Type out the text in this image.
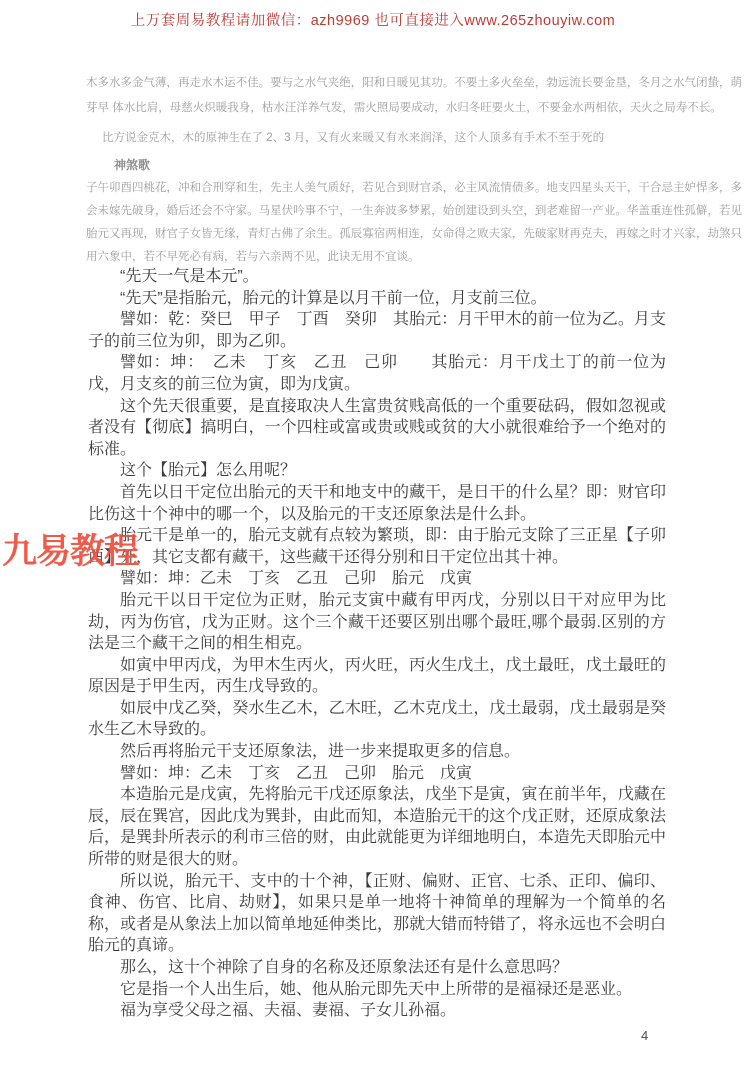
上万套周易教程请加微信：azh9969 也可直接进入www.265zhouyiw.com
木多水多金气薄，再走水木运不佳。要与之水气夹绝，阳和日暖见其功。不要土多火垒垒，勃远流长要金垦，冬月之水气闭蛰，萌芽早 体水比肩，母慈火炽暖我身，枯水汪洋养气发，需火照局要成动，水归冬旺要火土，不要金水两相依，天火之局寿不长。
比方说金克木，木的原神生在了 2、3 月，又有火来暖又有水来润泽，这个人顶多有手术不至于死的
神煞歌
子午卯酉四桃花，冲和合刑穿和生，先主人美气质好，若见合到财官杀，必主风流情债多。地支四星头天干，干合忌主妒悍多，多会未嫁先破身，婚后还会不守家。马星伏吟事不宁，一生奔波多梦累，始创建设到头空，到老难留一产业。华盖重连性孤僻，若见胎元又再现，财官子女皆无缘，青灯古佛了余生。孤辰寡宿两相连，女命得之败夫家，先破家财再克夫，再嫁之时才兴家，劫煞只用六象中，若不早死必有病，若与六亲两不见，此诀无用不宜谈。

“先天一气是本元”。

“先天”是指胎元，胎元的计算是以月干前一位，月支前三位。

譬如：乾：癸巳　甲子　丁酉　癸卯　其胎元：月干甲木的前一位为乙。月支子的前三位为卯，即为乙卯。

譬如：坤：　乙未　丁亥　乙丑　己卯　　其胎元：月干戊土丁的前一位为戊，月支亥的前三位为寅，即为戊寅。

这个先天很重要，是直接取决人生富贵贫贱高低的一个重要砝码，假如忽视或者没有【彻底】搞明白，一个四柱或富或贵或贱或贫的大小就很难给予一个绝对的标准。

这个【胎元】怎么用呢？

首先以日干定位出胎元的天干和地支中的藏干，是日干的什么星？即：财官印比伤这十个神中的哪一个，以及胎元的干支还原象法是什么卦。

胎元干是单一的，胎元支就有点较为繁琐，即：由于胎元支除了三正星【子卯酉】外，其它支都有藏干，这些藏干还得分别和日干定位出其十神。

譬如：坤：乙未　丁亥　乙丑　己卯　胎元　戊寅

胎元干以日干定位为正财，胎元支寅中藏有甲丙戊，分别以日干对应甲为比劫，丙为伤官，戊为正财。这个三个藏干还要区别出哪个最旺,哪个最弱.区别的方法是三个藏干之间的相生相克。

如寅中甲丙戊，为甲木生丙火，丙火旺，丙火生戊土，戊土最旺，戊土最旺的原因是于甲生丙，丙生戊导致的。

如辰中戊乙癸，癸水生乙木，乙木旺，乙木克戊土，戊土最弱，戊土最弱是癸水生乙木导致的。

然后再将胎元干支还原象法，进一步来提取更多的信息。

譬如：坤：乙未　丁亥　乙丑　己卯　胎元　戊寅

本造胎元是戊寅，先将胎元干戊还原象法，戊坐下是寅，寅在前半年，戊藏在辰，辰在巽宫，因此戊为巽卦，由此而知，本造胎元干的这个戊正财，还原成象法后，是巽卦所表示的利市三倍的财，由此就能更为详细地明白，本造先天即胎元中所带的财是很大的财。

所以说，胎元干、支中的十个神，【正财、偏财、正官、七杀、正印、偏印、食神、伤官、比肩、劫财】，如果只是单一地将十神简单的理解为一个简单的名称，或者是从象法上加以简单地延伸类比，那就大错而特错了，将永远也不会明白胎元的真谛。

那么，这十个神除了自身的名称及还原象法还有是什么意思吗？

它是指一个人出生后，她、他从胎元即先天中上所带的是福禄还是恶业。

福为享受父母之福、夫福、妻福、子女儿孙福。

九易教程
4
